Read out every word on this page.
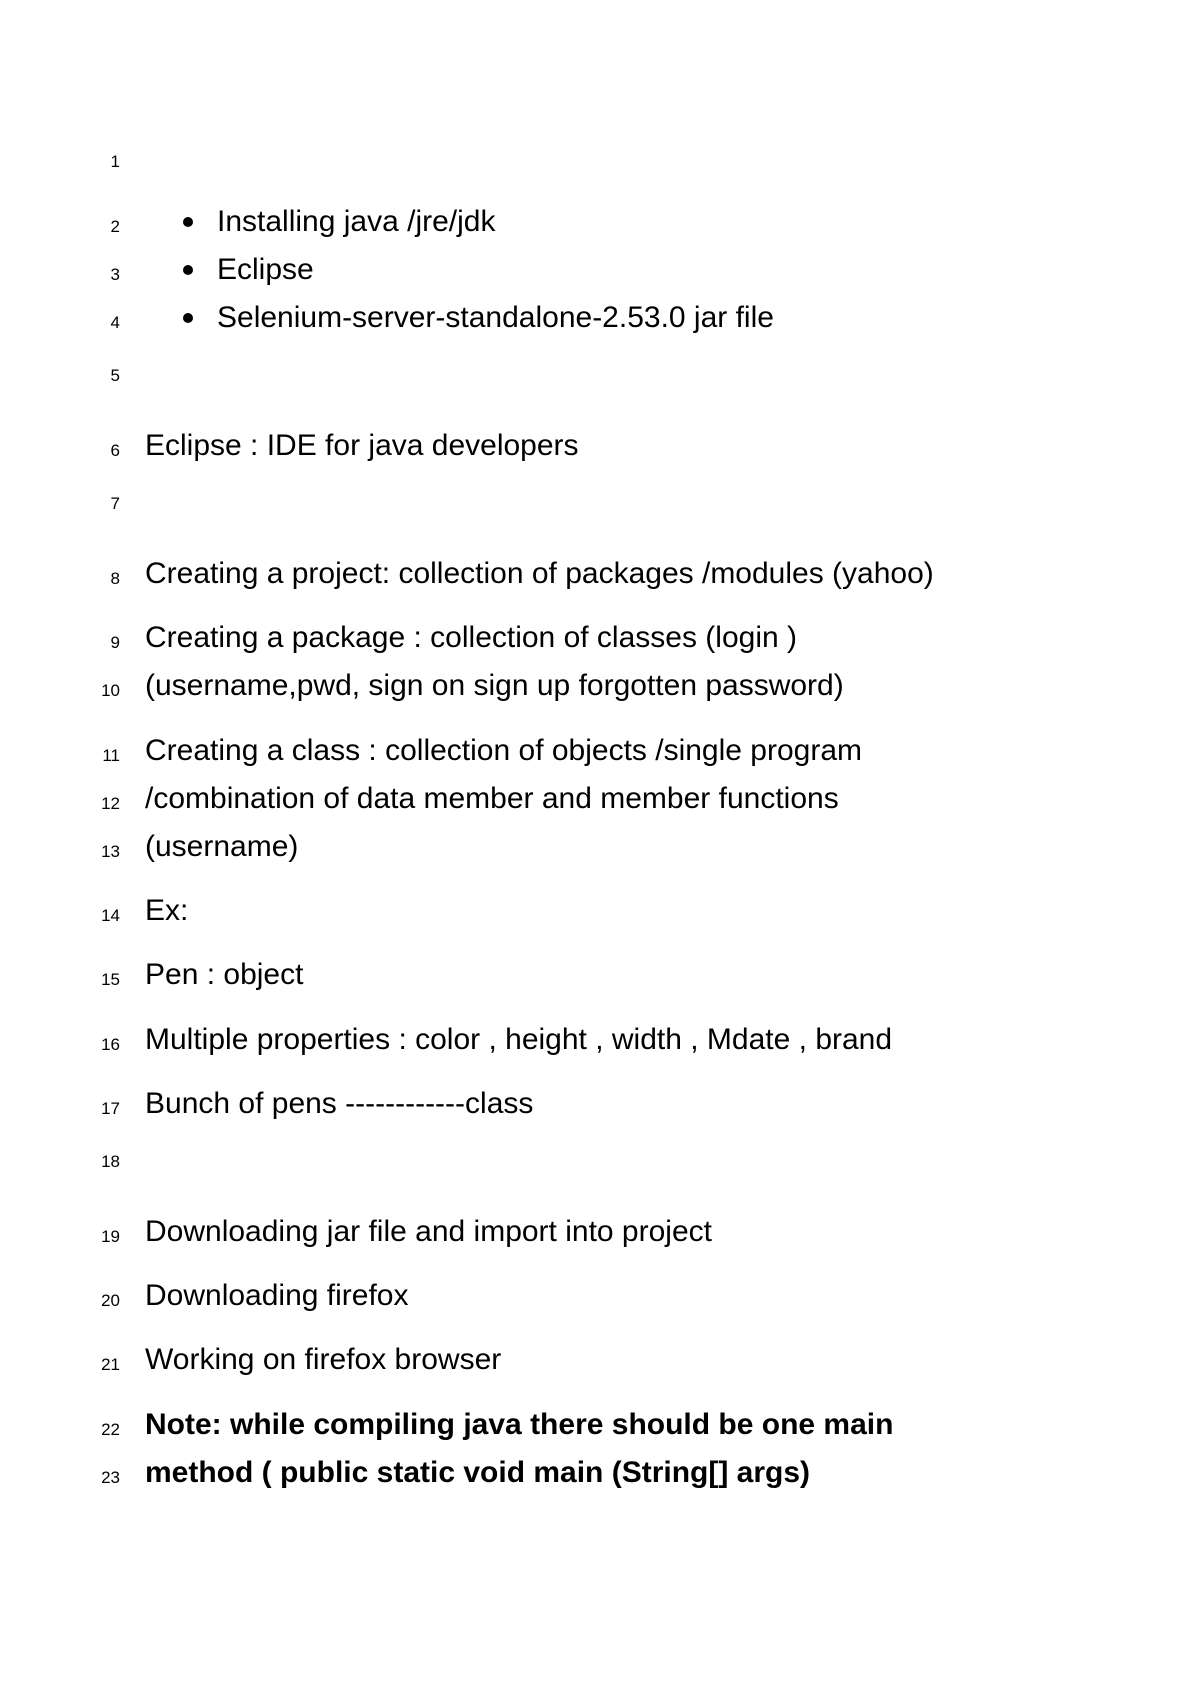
1
2
3
4
5
6
7
8
9
10
11
12
13
14
15
16
17
18
19
20
21
22
23
Installing java /jre/jdk
Eclipse
Selenium-server-standalone-2.53.0 jar file
Eclipse : IDE for java developers
Creating a project: collection of packages /modules (yahoo)
Creating a package : collection of classes (login )
(username,pwd, sign on sign up forgotten password)
Creating a class : collection of objects /single program
/combination of data member and member functions
(username)
Ex:
Pen : object
Multiple properties : color , height , width , Mdate , brand
Bunch of pens ------------class
Downloading jar file and import into project
Downloading firefox
Working on firefox browser
Note: while compiling java there should be one main
method ( public static void main (String[] args)
